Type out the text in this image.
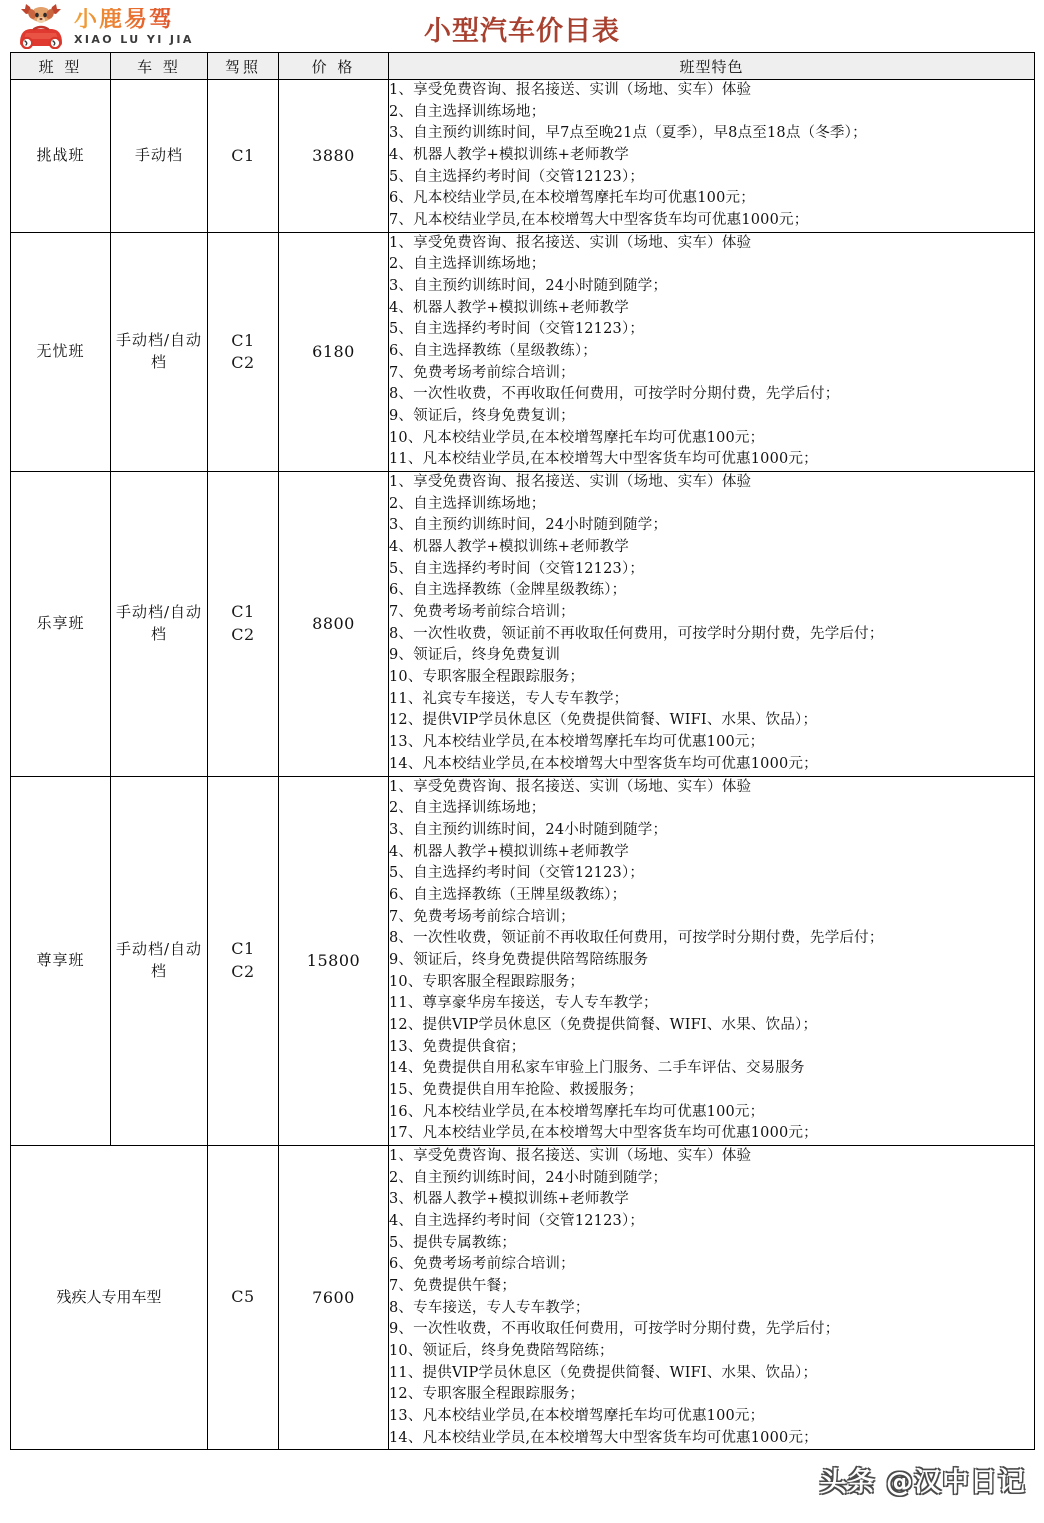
小鹿易驾
XIAO LU YI JIA	小型汽车价目表
班 型	车 型	驾照	价 格	班型特色
挑战班	手动档	C1	3880	
1、享受免费咨询、报名接送、实训（场地、实车）体验
2、自主选择训练场地；
3、自主预约训练时间，早7点至晚21点（夏季），早8点至18点（冬季）；
4、机器人教学+模拟训练+老师教学
5、自主选择约考时间（交管12123）；
6、凡本校结业学员,在本校增驾摩托车均可优惠100元；
7、凡本校结业学员,在本校增驾大中型客货车均可优惠1000元；

无忧班	手动档/自动档	C1
C2	6180	
1、享受免费咨询、报名接送、实训（场地、实车）体验
2、自主选择训练场地；
3、自主预约训练时间，24小时随到随学；
4、机器人教学+模拟训练+老师教学
5、自主选择约考时间（交管12123）；
6、自主选择教练（星级教练）；
7、免费考场考前综合培训；
8、一次性收费，不再收取任何费用，可按学时分期付费，先学后付；
9、领证后，终身免费复训；
10、凡本校结业学员,在本校增驾摩托车均可优惠100元；
11、凡本校结业学员,在本校增驾大中型客货车均可优惠1000元；

乐享班	手动档/自动档	C1
C2	8800	
1、享受免费咨询、报名接送、实训（场地、实车）体验
2、自主选择训练场地；
3、自主预约训练时间，24小时随到随学；
4、机器人教学+模拟训练+老师教学
5、自主选择约考时间（交管12123）；
6、自主选择教练（金牌星级教练）；
7、免费考场考前综合培训；
8、一次性收费，领证前不再收取任何费用，可按学时分期付费，先学后付；
9、领证后，终身免费复训
10、专职客服全程跟踪服务；
11、礼宾专车接送，专人专车教学；
12、提供VIP学员休息区（免费提供简餐、WIFI、水果、饮品）；
13、凡本校结业学员,在本校增驾摩托车均可优惠100元；
14、凡本校结业学员,在本校增驾大中型客货车均可优惠1000元；

尊享班	手动档/自动档	C1
C2	15800	
1、享受免费咨询、报名接送、实训（场地、实车）体验
2、自主选择训练场地；
3、自主预约训练时间，24小时随到随学；
4、机器人教学+模拟训练+老师教学
5、自主选择约考时间（交管12123）；
6、自主选择教练（王牌星级教练）；
7、免费考场考前综合培训；
8、一次性收费，领证前不再收取任何费用，可按学时分期付费，先学后付；
9、领证后，终身免费提供陪驾陪练服务
10、专职客服全程跟踪服务；
11、尊享豪华房车接送，专人专车教学；
12、提供VIP学员休息区（免费提供简餐、WIFI、水果、饮品）；
13、免费提供食宿；
14、免费提供自用私家车审验上门服务、二手车评估、交易服务
15、免费提供自用车抢险、救援服务；
16、凡本校结业学员,在本校增驾摩托车均可优惠100元；
17、凡本校结业学员,在本校增驾大中型客货车均可优惠1000元；

残疾人专用车型	C5	7600	
1、享受免费咨询、报名接送、实训（场地、实车）体验
2、自主预约训练时间，24小时随到随学；
3、机器人教学+模拟训练+老师教学
4、自主选择约考时间（交管12123）；
5、提供专属教练；
6、免费考场考前综合培训；
7、免费提供午餐；
8、专车接送，专人专车教学；
9、一次性收费，不再收取任何费用，可按学时分期付费，先学后付；
10、领证后，终身免费陪驾陪练；
11、提供VIP学员休息区（免费提供简餐、WIFI、水果、饮品）；
12、专职客服全程跟踪服务；
13、凡本校结业学员,在本校增驾摩托车均可优惠100元；
14、凡本校结业学员,在本校增驾大中型客货车均可优惠1000元；
头条 @汉中日记
